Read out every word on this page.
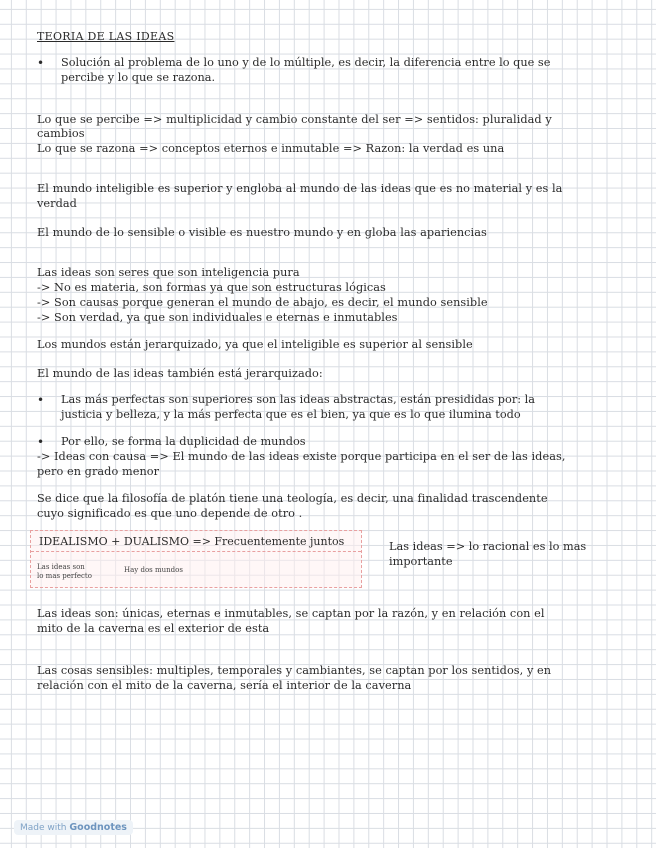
TEORIA DE LAS IDEAS
• Solución al problema de lo uno y de lo múltiple, es decir, la diferencia entre lo que se
percibe y lo que se razona.
Lo que se percibe => multiplicidad y cambio constante del ser => sentidos: pluralidad y
cambios
Lo que se razona => conceptos eternos e inmutable => Razon: la verdad es una
El mundo inteligible es superior y engloba al mundo de las ideas que es no material y es la
verdad
El mundo de lo sensible o visible es nuestro mundo y en globa las apariencias
Las ideas son seres que son inteligencia pura
-> No es materia, son formas ya que son estructuras lógicas
-> Son causas porque generan el mundo de abajo, es decir, el mundo sensible
-> Son verdad, ya que son individuales e eternas e inmutables
Los mundos están jerarquizado, ya que el inteligible es superior al sensible
El mundo de las ideas también está jerarquizado:
• Las más perfectas son superiores son las ideas abstractas, están presididas por: la
justicia y belleza, y la más perfecta que es el bien, ya que es lo que ilumina todo
• Por ello, se forma la duplicidad de mundos
-> Ideas con causa => El mundo de las ideas existe porque participa en el ser de las ideas,
pero en grado menor
Se dice que la filosofía de platón tiene una teología, es decir, una finalidad trascendente
cuyo significado es que uno depende de otro .
IDEALISMO + DUALISMO => Frecuentemente juntos
Las ideas son
lo mas perfecto
Hay dos mundos
Las ideas => lo racional es lo mas
importante
Las ideas son: únicas, eternas e inmutables, se captan por la razón, y en relación con el
mito de la caverna es el exterior de esta
Las cosas sensibles: multiples, temporales y cambiantes, se captan por los sentidos, y en
relación con el mito de la caverna, sería el interior de la caverna
Made with Goodnotes
